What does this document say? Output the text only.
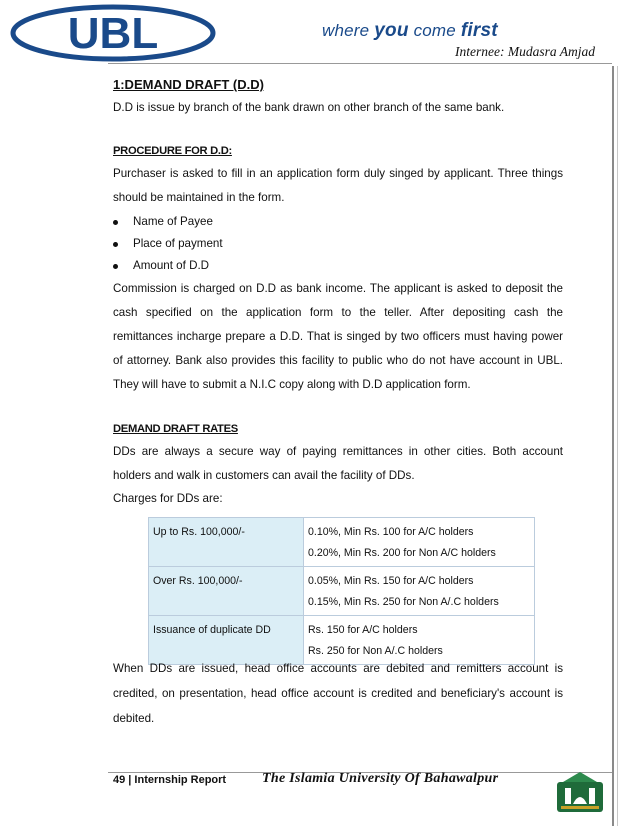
UBL	where you come first
Internee: Mudasra Amjad
1:DEMAND DRAFT (D.D)

D.D is issue by branch of the bank drawn on other branch of the same bank.

PROCEDURE FOR D.D:

Purchaser is asked to fill in an application form duly singed by applicant. Three things should be maintained in the form.

Name of Payee
Place of payment
Amount of D.D

Commission is charged on D.D as bank income. The applicant is asked to deposit the cash specified on the application form to the teller. After depositing cash the remittances incharge prepare a D.D. That is singed by two officers must having power of attorney. Bank also provides this facility to public who do not have account in UBL. They will have to submit a N.I.C copy along with D.D application form.

DEMAND DRAFT RATES

DDs are always a secure way of paying remittances in other cities. Both account holders and walk in customers can avail the facility of DDs.

Charges for DDs are:

Up to Rs. 100,000/-	0.10%, Min Rs. 100 for A/C holders
0.20%, Min Rs. 200 for Non A/C holders

Over Rs. 100,000/-	0.05%, Min Rs. 150 for A/C holders
0.15%, Min Rs. 250 for Non A/.C holders

Issuance of duplicate DD	Rs. 150 for A/C holders
Rs. 250 for Non A/.C holders
When DDs are issued, head office accounts are debited and remitters account is credited, on presentation, head office account is credited and beneficiary's account is debited.
49 | Internship Report	The Islamia University Of Bahawalpur
